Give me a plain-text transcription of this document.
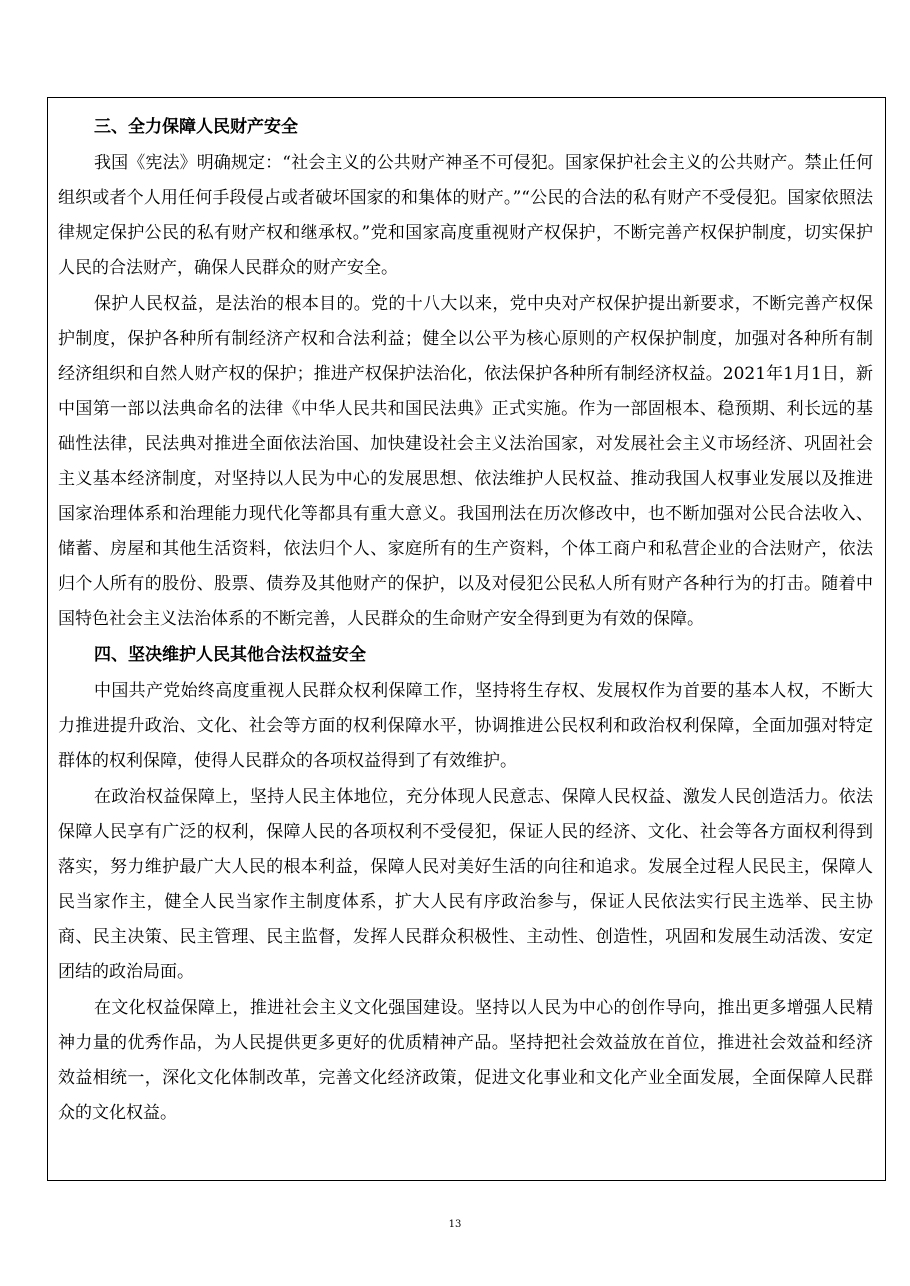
三、全力保障人民财产安全

我国《宪法》明确规定：“社会主义的公共财产神圣不可侵犯。国家保护社会主义的公共财产。禁止任何组织或者个人用任何手段侵占或者破坏国家的和集体的财产。”“公民的合法的私有财产不受侵犯。国家依照法律规定保护公民的私有财产权和继承权。”党和国家高度重视财产权保护，不断完善产权保护制度，切实保护人民的合法财产，确保人民群众的财产安全。

保护人民权益，是法治的根本目的。党的十八大以来，党中央对产权保护提出新要求，不断完善产权保护制度，保护各种所有制经济产权和合法利益；健全以公平为核心原则的产权保护制度，加强对各种所有制经济组织和自然人财产权的保护；推进产权保护法治化，依法保护各种所有制经济权益。2021年1月1日，新中国第一部以法典命名的法律《中华人民共和国民法典》正式实施。作为一部固根本、稳预期、利长远的基础性法律，民法典对推进全面依法治国、加快建设社会主义法治国家，对发展社会主义市场经济、巩固社会主义基本经济制度，对坚持以人民为中心的发展思想、依法维护人民权益、推动我国人权事业发展以及推进国家治理体系和治理能力现代化等都具有重大意义。我国刑法在历次修改中，也不断加强对公民合法收入、储蓄、房屋和其他生活资料，依法归个人、家庭所有的生产资料，个体工商户和私营企业的合法财产，依法归个人所有的股份、股票、债券及其他财产的保护，以及对侵犯公民私人所有财产各种行为的打击。随着中国特色社会主义法治体系的不断完善，人民群众的生命财产安全得到更为有效的保障。

四、坚决维护人民其他合法权益安全

中国共产党始终高度重视人民群众权利保障工作，坚持将生存权、发展权作为首要的基本人权，不断大力推进提升政治、文化、社会等方面的权利保障水平，协调推进公民权利和政治权利保障，全面加强对特定群体的权利保障，使得人民群众的各项权益得到了有效维护。

在政治权益保障上，坚持人民主体地位，充分体现人民意志、保障人民权益、激发人民创造活力。依法保障人民享有广泛的权利，保障人民的各项权利不受侵犯，保证人民的经济、文化、社会等各方面权利得到落实，努力维护最广大人民的根本利益，保障人民对美好生活的向往和追求。发展全过程人民民主，保障人民当家作主，健全人民当家作主制度体系，扩大人民有序政治参与，保证人民依法实行民主选举、民主协商、民主决策、民主管理、民主监督，发挥人民群众积极性、主动性、创造性，巩固和发展生动活泼、安定团结的政治局面。

在文化权益保障上，推进社会主义文化强国建设。坚持以人民为中心的创作导向，推出更多增强人民精神力量的优秀作品，为人民提供更多更好的优质精神产品。坚持把社会效益放在首位，推进社会效益和经济效益相统一，深化文化体制改革，完善文化经济政策，促进文化事业和文化产业全面发展，全面保障人民群众的文化权益。

13
